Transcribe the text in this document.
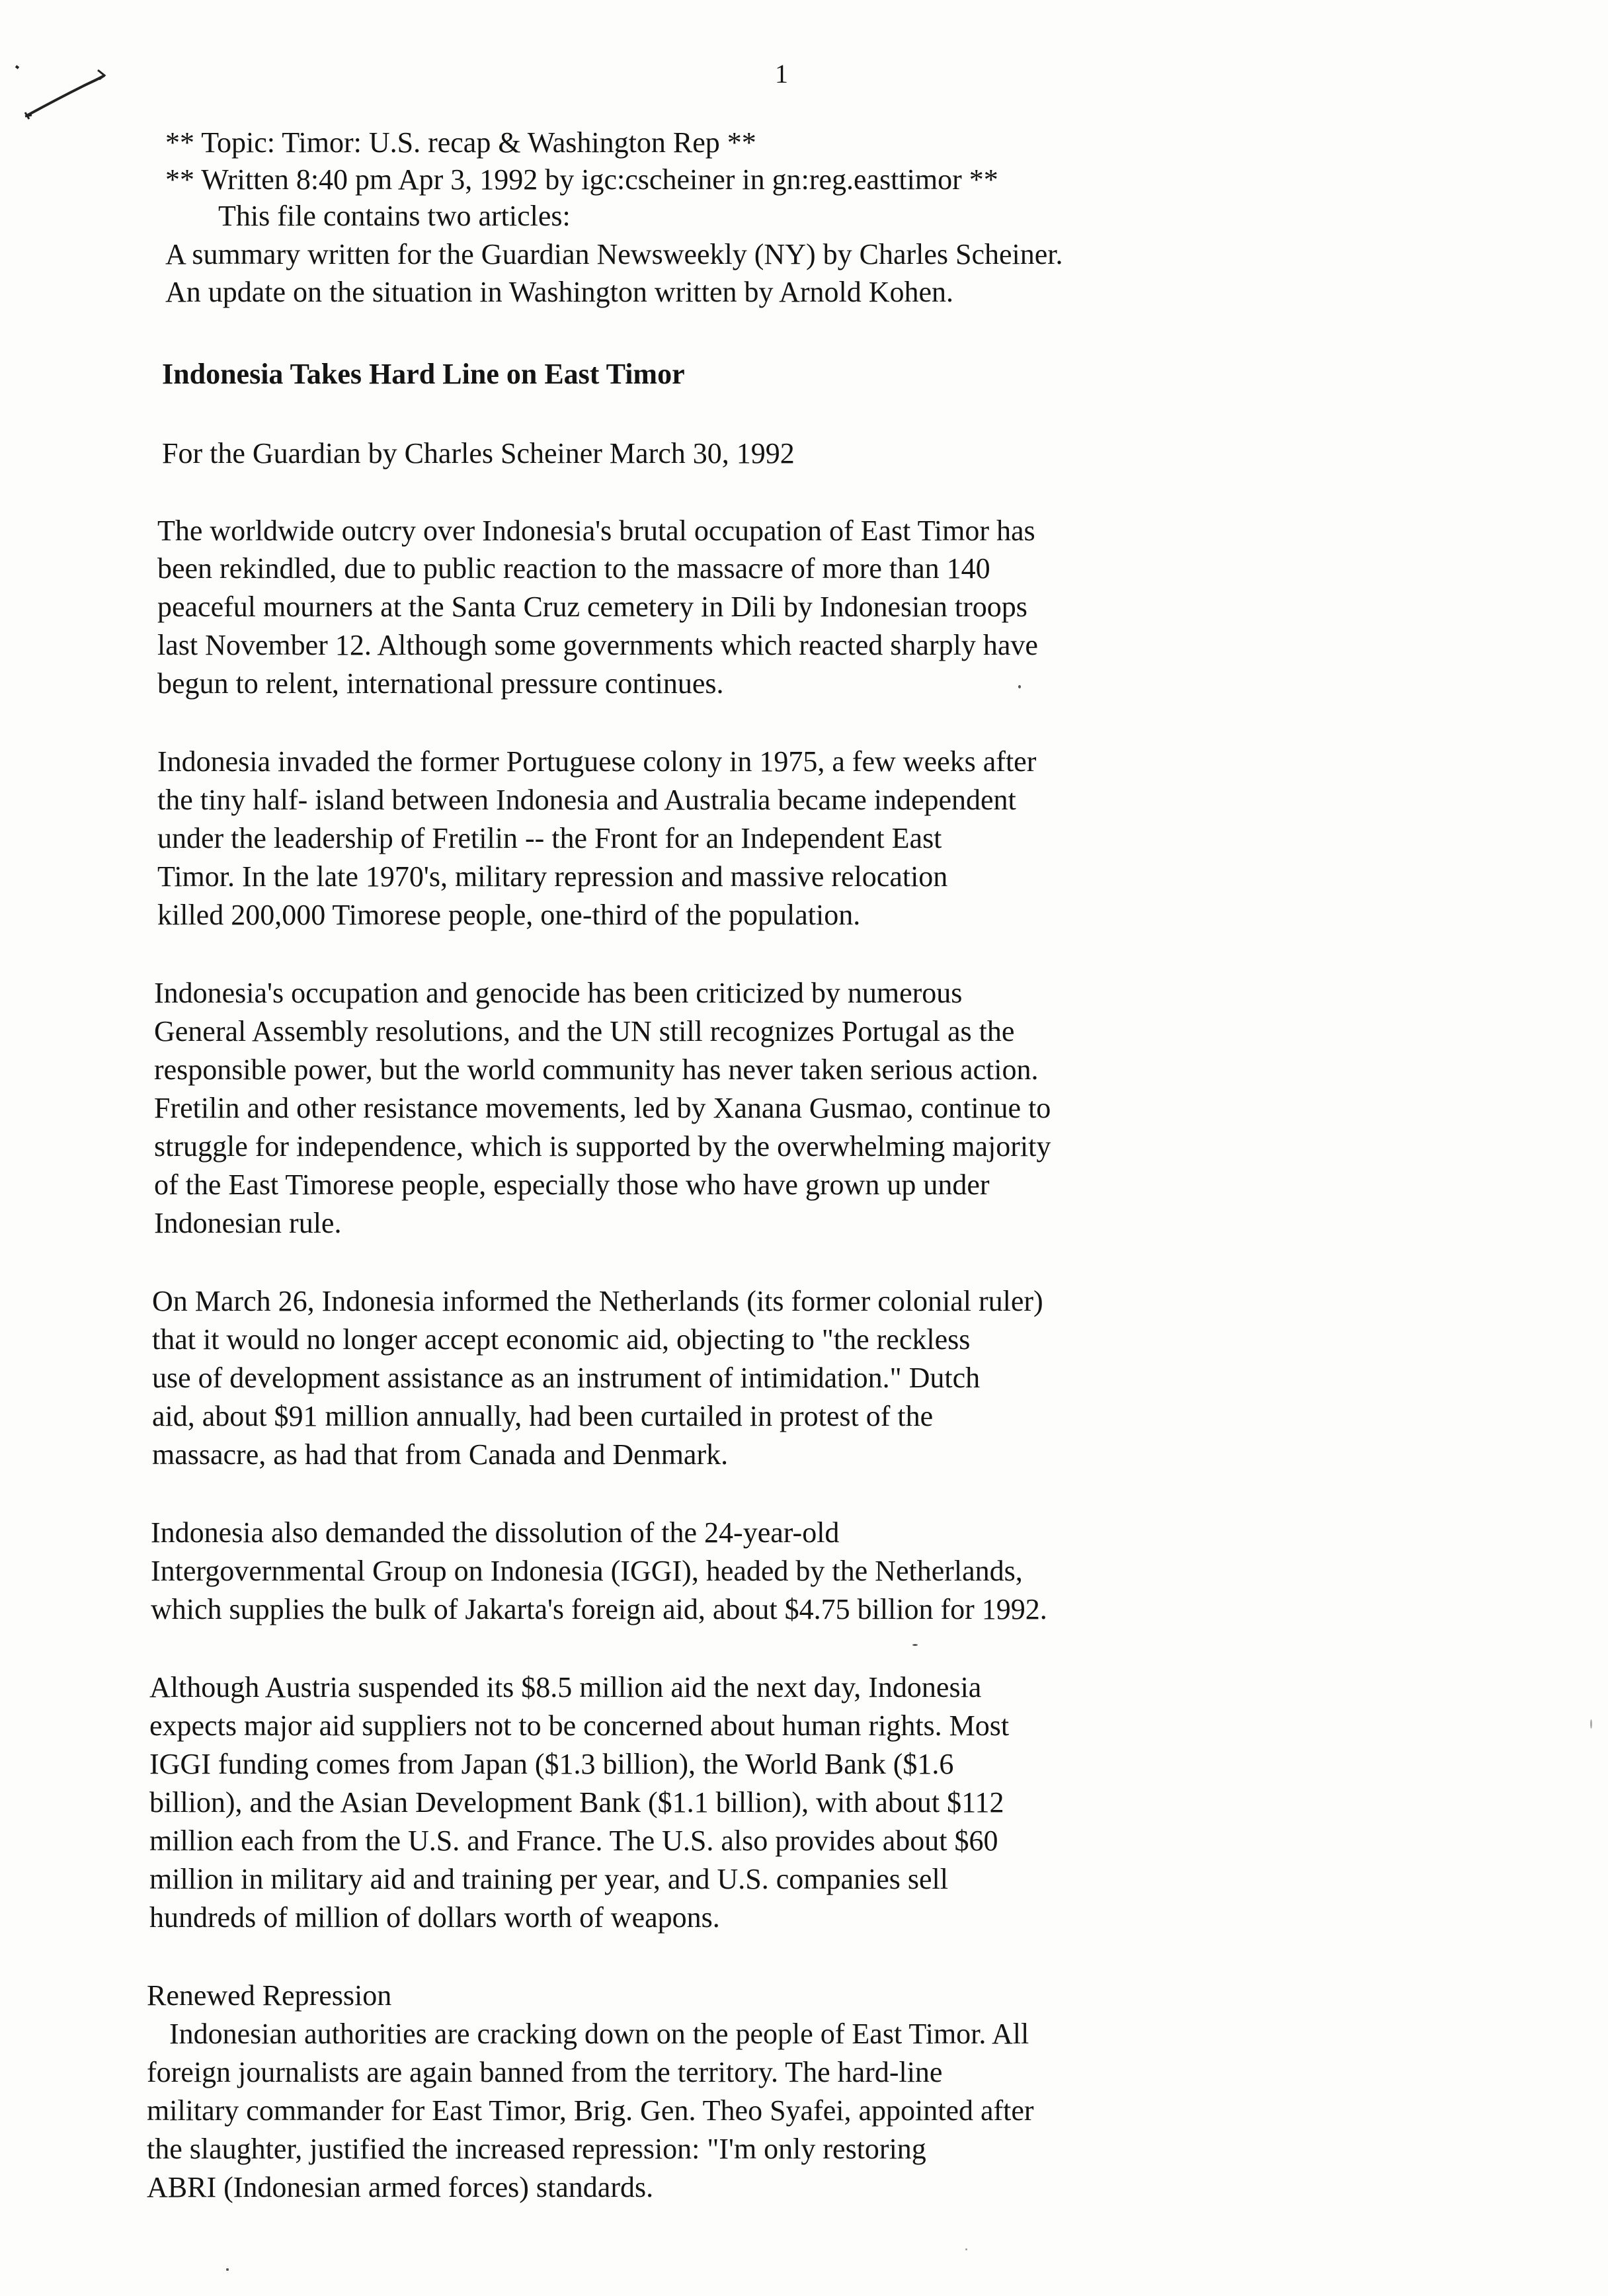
1
** Topic: Timor: U.S. recap & Washington Rep **
** Written 8:40 pm Apr 3, 1992 by igc:cscheiner in gn:reg.easttimor **
This file contains two articles:
A summary written for the Guardian Newsweekly (NY) by Charles Scheiner.
An update on the situation in Washington written by Arnold Kohen.
Indonesia Takes Hard Line on East Timor
For the Guardian by Charles Scheiner March 30, 1992
The worldwide outcry over Indonesia's brutal occupation of East Timor has
been rekindled, due to public reaction to the massacre of more than 140
peaceful mourners at the Santa Cruz cemetery in Dili by Indonesian troops
last November 12. Although some governments which reacted sharply have
begun to relent, international pressure continues.
Indonesia invaded the former Portuguese colony in 1975, a few weeks after
the tiny half- island between Indonesia and Australia became independent
under the leadership of Fretilin -- the Front for an Independent East
Timor. In the late 1970's, military repression and massive relocation
killed 200,000 Timorese people, one-third of the population.
Indonesia's occupation and genocide has been criticized by numerous
General Assembly resolutions, and the UN still recognizes Portugal as the
responsible power, but the world community has never taken serious action.
Fretilin and other resistance movements, led by Xanana Gusmao, continue to
struggle for independence, which is supported by the overwhelming majority
of the East Timorese people, especially those who have grown up under
Indonesian rule.
On March 26, Indonesia informed the Netherlands (its former colonial ruler)
that it would no longer accept economic aid, objecting to "the reckless
use of development assistance as an instrument of intimidation." Dutch
aid, about $91 million annually, had been curtailed in protest of the
massacre, as had that from Canada and Denmark.
Indonesia also demanded the dissolution of the 24-year-old
Intergovernmental Group on Indonesia (IGGI), headed by the Netherlands,
which supplies the bulk of Jakarta's foreign aid, about $4.75 billion for 1992.
Although Austria suspended its $8.5 million aid the next day, Indonesia
expects major aid suppliers not to be concerned about human rights. Most
IGGI funding comes from Japan ($1.3 billion), the World Bank ($1.6
billion), and the Asian Development Bank ($1.1 billion), with about $112
million each from the U.S. and France. The U.S. also provides about $60
million in military aid and training per year, and U.S. companies sell
hundreds of million of dollars worth of weapons.
Renewed Repression
Indonesian authorities are cracking down on the people of East Timor. All
foreign journalists are again banned from the territory. The hard-line
military commander for East Timor, Brig. Gen. Theo Syafei, appointed after
the slaughter, justified the increased repression: "I'm only restoring
ABRI (Indonesian armed forces) standards.
